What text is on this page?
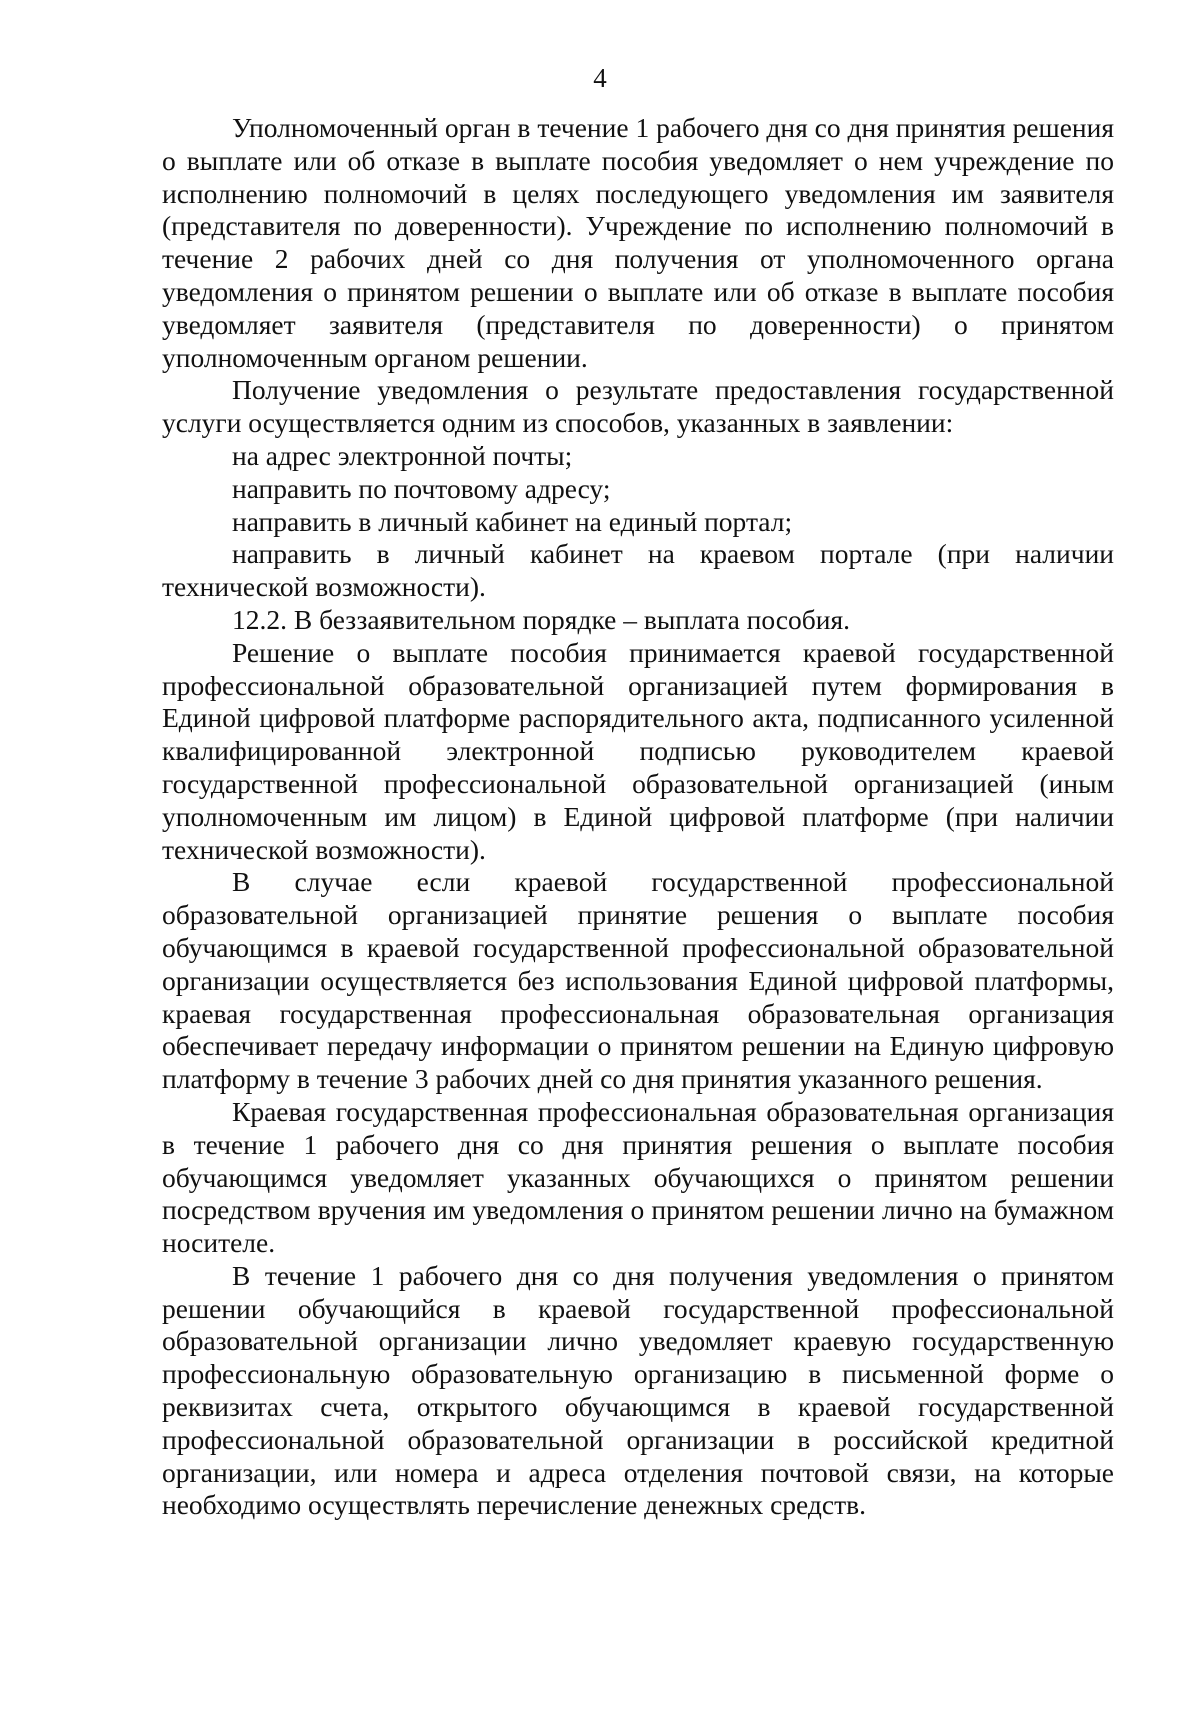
4

Уполномоченный орган в течение 1 рабочего дня со дня принятия решения о выплате или об отказе в выплате пособия уведомляет о нем учреждение по исполнению полномочий в целях последующего уведомления им заявителя (представителя по доверенности). Учреждение по исполнению полномочий в течение 2 рабочих дней со дня получения от уполномоченного органа уведомления о принятом решении о выплате или об отказе в выплате пособия уведомляет заявителя (представителя по доверенности) о принятом уполномоченным органом решении.

Получение уведомления о результате предоставления государственной услуги осуществляется одним из способов, указанных в заявлении:

на адрес электронной почты;

направить по почтовому адресу;

направить в личный кабинет на единый портал;

направить в личный кабинет на краевом портале (при наличии технической возможности).

12.2. В беззаявительном порядке – выплата пособия.

Решение о выплате пособия принимается краевой государственной профессиональной образовательной организацией путем формирования в Единой цифровой платформе распорядительного акта, подписанного усиленной квалифицированной электронной подписью руководителем краевой государственной профессиональной образовательной организацией (иным уполномоченным им лицом) в Единой цифровой платформе (при наличии технической возможности).

В случае если краевой государственной профессиональной образовательной организацией принятие решения о выплате пособия обучающимся в краевой государственной профессиональной образовательной организации осуществляется без использования Единой цифровой платформы, краевая государственная профессиональная образовательная организация обеспечивает передачу информации о принятом решении на Единую цифровую платформу в течение 3 рабочих дней со дня принятия указанного решения.

Краевая государственная профессиональная образовательная организация в течение 1 рабочего дня со дня принятия решения о выплате пособия обучающимся уведомляет указанных обучающихся о принятом решении посредством вручения им уведомления о принятом решении лично на бумажном носителе.

В течение 1 рабочего дня со дня получения уведомления о принятом решении обучающийся в краевой государственной профессиональной образовательной организации лично уведомляет краевую государственную профессиональную образовательную организацию в письменной форме о реквизитах счета, открытого обучающимся в краевой государственной профессиональной образовательной организации в российской кредитной организации, или номера и адреса отделения почтовой связи, на которые необходимо осуществлять перечисление денежных средств.
